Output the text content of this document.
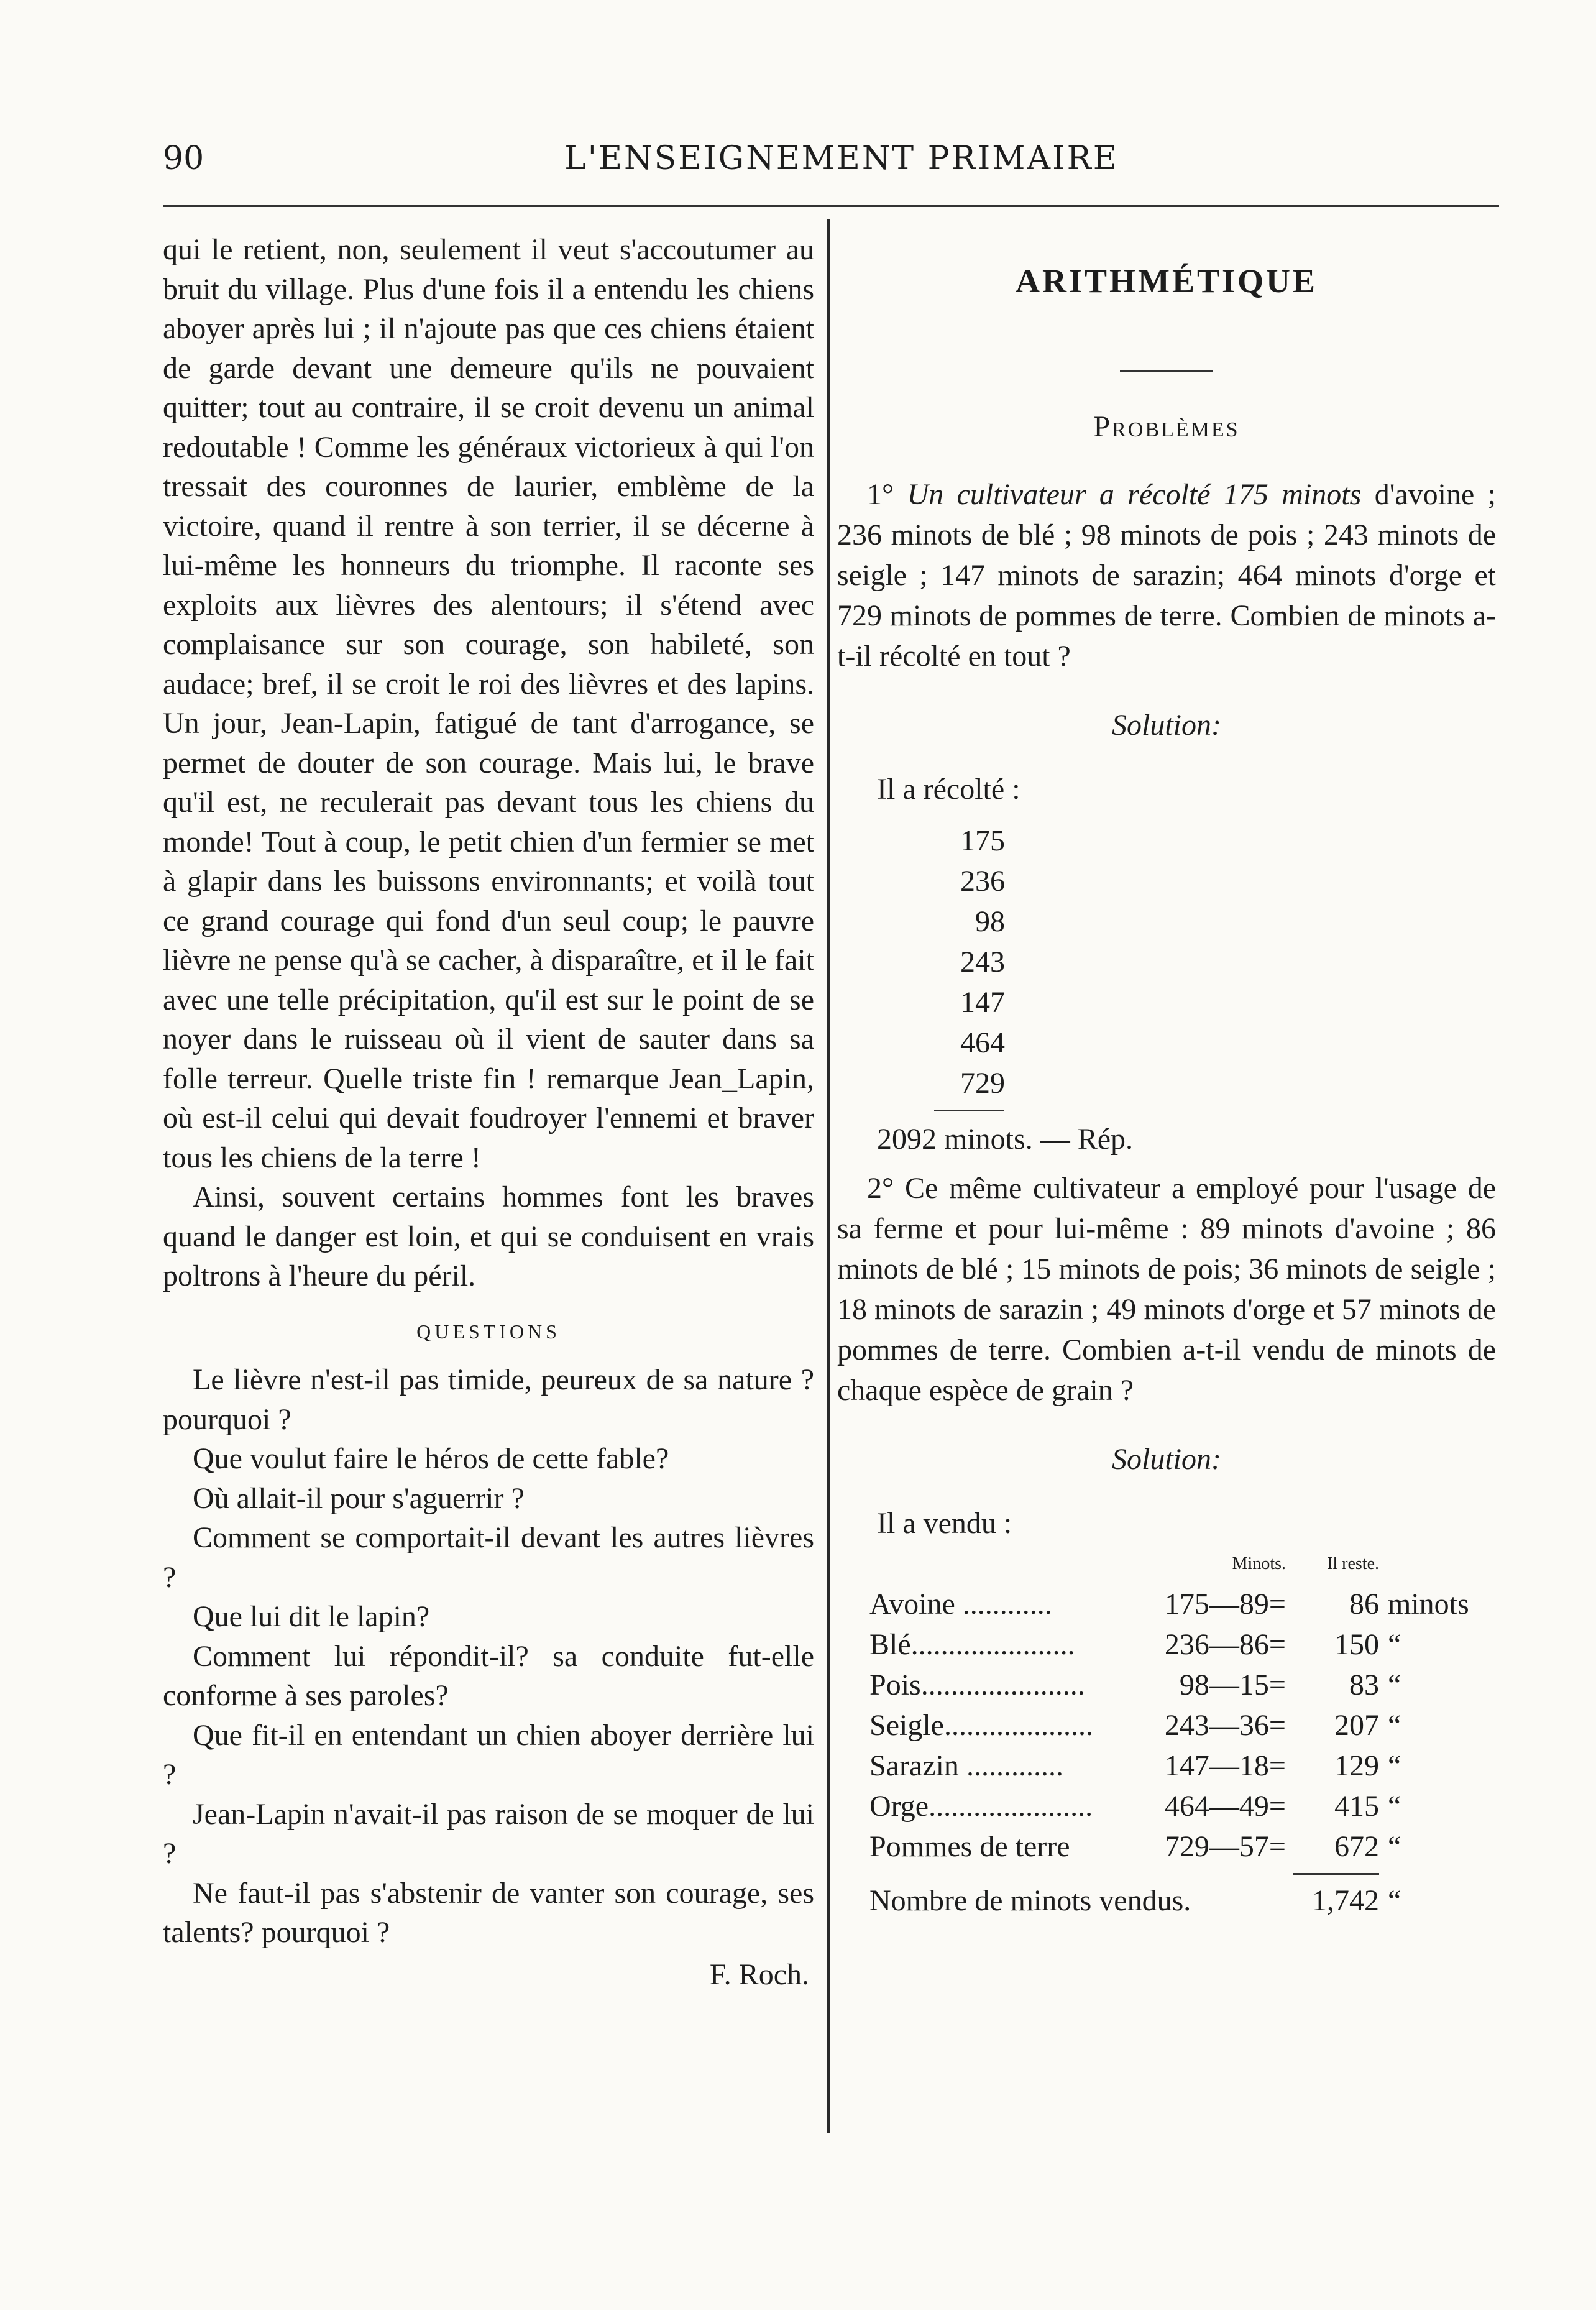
90	L'ENSEIGNEMENT PRIMAIRE

qui le retient, non, seulement il veut s'accoutumer au bruit du village. Plus d'une fois il a entendu les chiens aboyer après lui ; il n'ajoute pas que ces chiens étaient de garde devant une demeure qu'ils ne pouvaient quitter; tout au contraire, il se croit devenu un animal redoutable ! Comme les généraux victorieux à qui l'on tressait des couronnes de laurier, emblème de la victoire, quand il rentre à son terrier, il se décerne à lui-même les honneurs du triomphe. Il raconte ses exploits aux lièvres des alentours; il s'étend avec complaisance sur son courage, son habileté, son audace; bref, il se croit le roi des lièvres et des lapins. Un jour, Jean-Lapin, fatigué de tant d'arrogance, se permet de douter de son courage. Mais lui, le brave qu'il est, ne reculerait pas devant tous les chiens du monde! Tout à coup, le petit chien d'un fermier se met à glapir dans les buissons environnants; et voilà tout ce grand courage qui fond d'un seul coup; le pauvre lièvre ne pense qu'à se cacher, à disparaître, et il le fait avec une telle précipitation, qu'il est sur le point de se noyer dans le ruisseau où il vient de sauter dans sa folle terreur. Quelle triste fin ! remarque Jean_Lapin, où est-il celui qui devait foudroyer l'ennemi et braver tous les chiens de la terre !

Ainsi, souvent certains hommes font les braves quand le danger est loin, et qui se conduisent en vrais poltrons à l'heure du péril.

QUESTIONS

Le lièvre n'est-il pas timide, peureux de sa nature ? pourquoi ?

Que voulut faire le héros de cette fable?

Où allait-il pour s'aguerrir ?

Comment se comportait-il devant les autres lièvres ?

Que lui dit le lapin?

Comment lui répondit-il? sa conduite fut-elle conforme à ses paroles?

Que fit-il en entendant un chien aboyer derrière lui ?

Jean-Lapin n'avait-il pas raison de se moquer de lui ?

Ne faut-il pas s'abstenir de vanter son courage, ses talents? pourquoi ?

F. Roch.
ARITHMÉTIQUE
Problèmes

1° Un cultivateur a récolté 175 minots d'avoine ; 236 minots de blé ; 98 minots de pois ; 243 minots de seigle ; 147 minots de sarazin; 464 minots d'orge et 729 minots de pommes de terre. Combien de minots a-t-il récolté en tout ?

Solution:

Il a récolté :

175
236
98
243
147
464
729

2092 minots. — Rép.

2° Ce même cultivateur a employé pour l'usage de sa ferme et pour lui-même : 89 minots d'avoine ; 86 minots de blé ; 15 minots de pois; 36 minots de seigle ; 18 minots de sarazin ; 49 minots d'orge et 57 minots de pommes de terre. Combien a-t-il vendu de minots de chaque espèce de grain ?

Solution:

Il a vendu :

	Minots.	Il reste.	
Avoine ............	175—89=	86	minots
Blé......................	236—86=	150	“
Pois......................	98—15=	83	“
Seigle....................	243—36=	207	“
Sarazin .............	147—18=	129	“
Orge......................	464—49=	415	“
Pommes de terre	729—57=	672	“

Nombre de minots vendus.		1,742	“
